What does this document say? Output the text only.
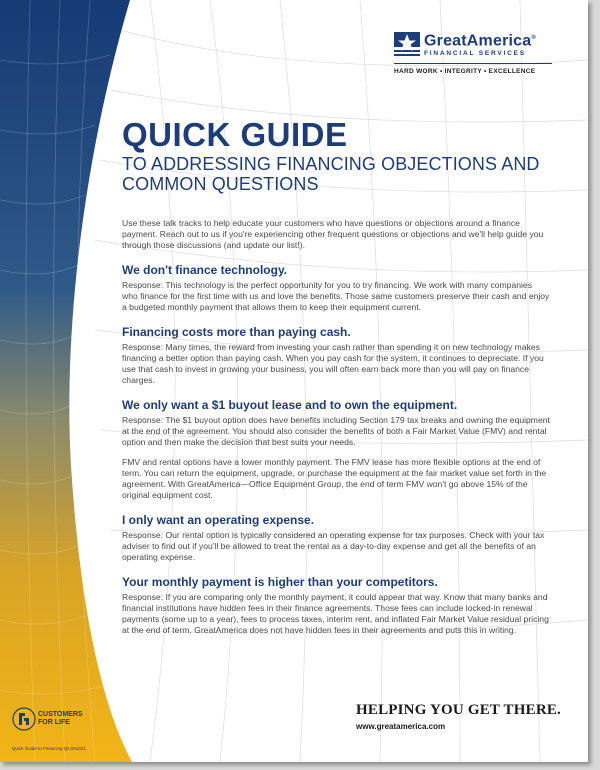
GreatAmerica®
FINANCIAL SERVICES
HARD WORK • INTEGRITY • EXCELLENCE
QUICK GUIDE
TO ADDRESSING FINANCING OBJECTIONS AND COMMON QUESTIONS

Use these talk tracks to help educate your customers who have questions or objections around a finance payment. Reach out to us if you're experiencing other frequent questions or objections and we'll help guide you through those discussions (and update our list!).

We don't finance technology.

Response: This technology is the perfect opportunity for you to try financing. We work with many companies who finance for the first time with us and love the benefits. Those same customers preserve their cash and enjoy a budgeted monthly payment that allows them to keep their equipment current.

Financing costs more than paying cash.

Response: Many times, the reward from investing your cash rather than spending it on new technology makes financing a better option than paying cash. When you pay cash for the system, it continues to depreciate. If you use that cash to invest in growing your business, you will often earn back more than you will pay on finance charges.

We only want a $1 buyout lease and to own the equipment.

Response: The $1 buyout option does have benefits including Section 179 tax breaks and owning the equipment at the end of the agreement. You should also consider the benefits of both a Fair Market Value (FMV) and rental option and then make the decision that best suits your needs.

FMV and rental options have a lower monthly payment. The FMV lease has more flexible options at the end of term. You can return the equipment, upgrade, or purchase the equipment at the fair market value set forth in the agreement. With GreatAmerica—Office Equipment Group, the end of term FMV won't go above 15% of the original equipment cost.

I only want an operating expense.

Response: Our rental option is typically considered an operating expense for tax purposes. Check with your tax adviser to find out if you'll be allowed to treat the rental as a day-to-day expense and get all the benefits of an operating expense.

Your monthly payment is higher than your competitors.

Response: If you are comparing only the monthly payment, it could appear that way. Know that many banks and financial institutions have hidden fees in their finance agreements. Those fees can include locked-in renewal payments (some up to a year), fees to process taxes, interim rent, and inflated Fair Market Value residual pricing at the end of term. GreatAmerica does not have hidden fees in their agreements and puts this in writing.

CUSTOMERS
FOR LIFE
Quick Guide to Financing Qs 091321
HELPING YOU GET THERE.
www.greatamerica.com
